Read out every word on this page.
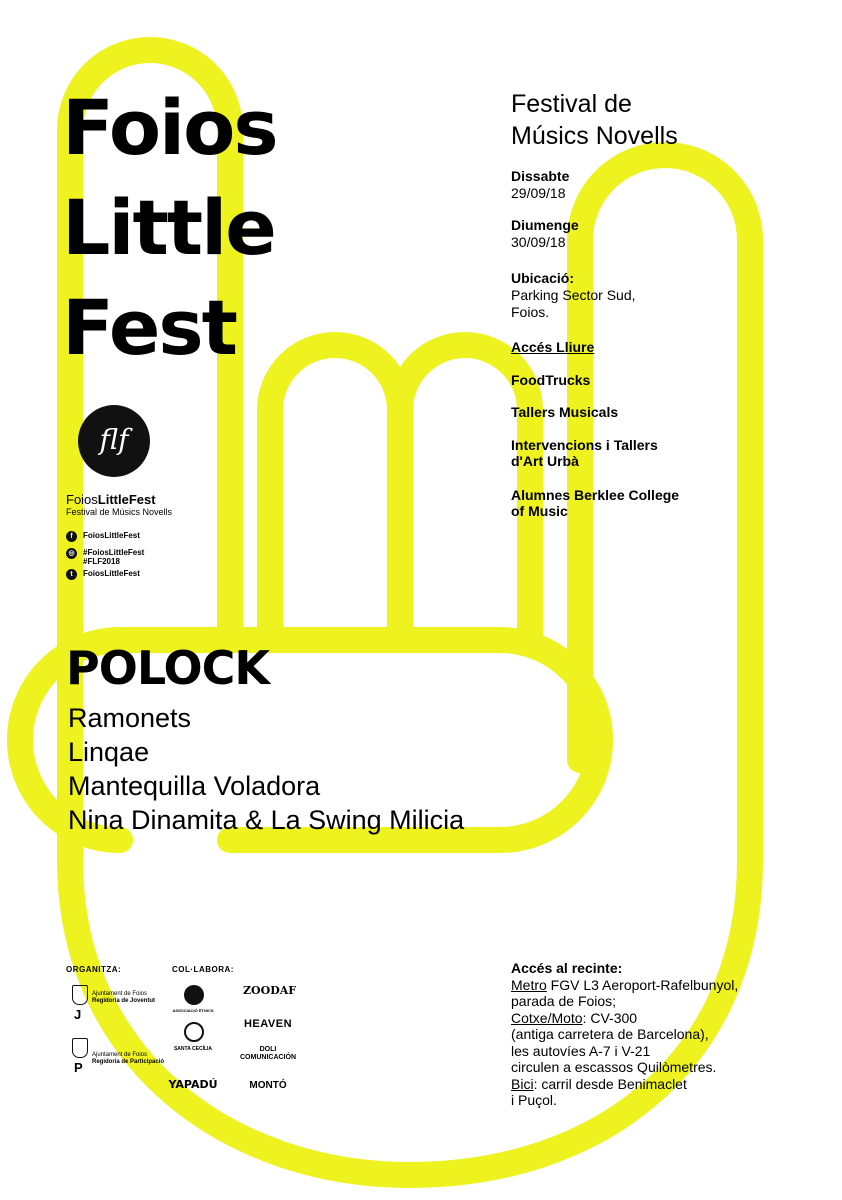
Foios
Little
Fest
Festival de
Músics Novells
Dissabte
29/09/18
Diumenge
30/09/18
Ubicació:
Parking Sector Sud,
Foios.
Accés Lliure
FoodTrucks
Tallers Musicals
Intervencions i Tallers
d'Art Urbà
Alumnes Berklee College
of Music
flf
FoiosLittleFest
Festival de Músics Novells
f	FoiosLittleFest
◎	#FoiosLittleFest
#FLF2018
t	FoiosLittleFest
POLOCK
Ramonets
Linqae
Mantequilla Voladora
Nina Dinamita & La Swing Milicia
ORGANITZA:	COL·LABORA:
J
Ajuntament de Foios
Regidoria de Joventut
P
Ajuntament de Foios
Regidoria de Participació
ASSOCIACIÓ ÈTNICS
ZOODAF
SANTA CECÍLIA
HEAVEN
DOLI COMUNICACIÓN
YAPADÚ	MONTÓ
Accés al recinte:
Metro FGV L3 Aeroport-Rafelbunyol,
parada de Foios;
Cotxe/Moto: CV-300
(antiga carretera de Barcelona),
les autovíes A-7 i V-21
circulen a escassos Quilòmetres.
Bici: carril desde Benimaclet
i Puçol.
